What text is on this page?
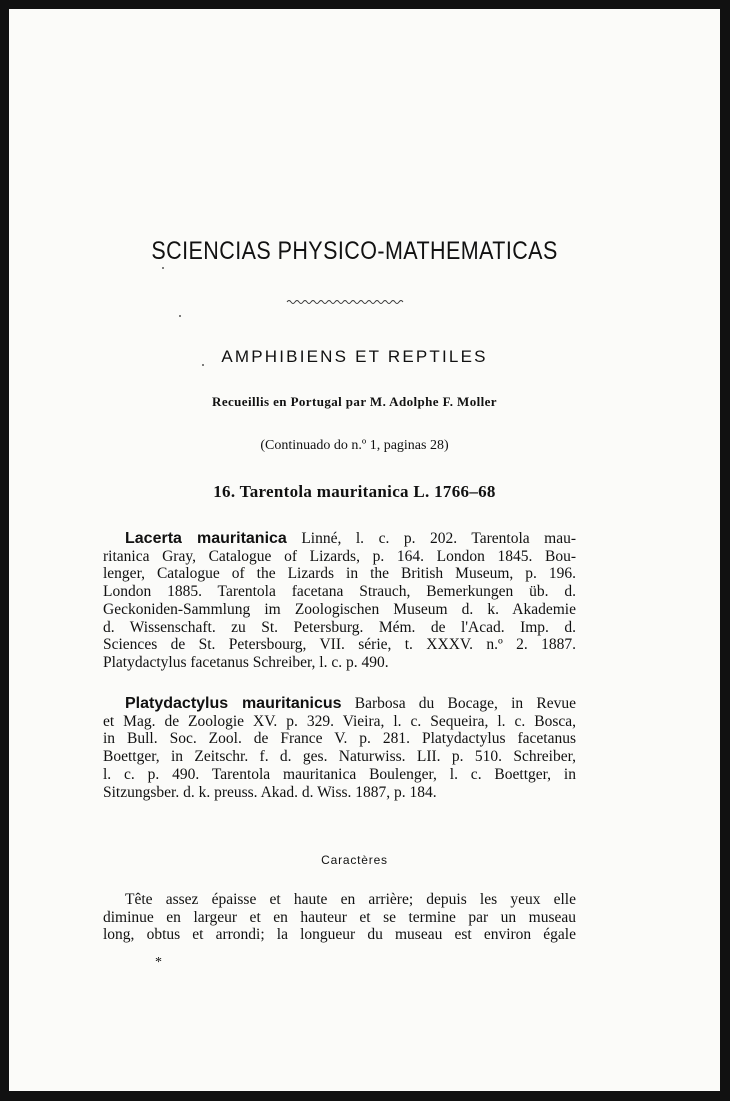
SCIENCIAS PHYSICO-MATHEMATICAS
AMPHIBIENS ET REPTILES
Recueillis en Portugal par M. Adolphe F. Moller
(Continuado do n.º 1, paginas 28)
16. Tarentola mauritanica L. 1766–68
Lacerta mauritanica Linné, l. c. p. 202. Tarentola mau-
ritanica Gray, Catalogue of Lizards, p. 164. London 1845. Bou-
lenger, Catalogue of the Lizards in the British Museum, p. 196.
London 1885. Tarentola facetana Strauch, Bemerkungen üb. d.
Geckoniden-Sammlung im Zoologischen Museum d. k. Akademie
d. Wissenschaft. zu St. Petersburg. Mém. de l'Acad. Imp. d.
Sciences de St. Petersbourg, VII. série, t. XXXV. n.º 2. 1887.
Platydactylus facetanus Schreiber, l. c. p. 490.
Platydactylus mauritanicus Barbosa du Bocage, in Revue
et Mag. de Zoologie XV. p. 329. Vieira, l. c. Sequeira, l. c. Bosca,
in Bull. Soc. Zool. de France V. p. 281. Platydactylus facetanus
Boettger, in Zeitschr. f. d. ges. Naturwiss. LII. p. 510. Schreiber,
l. c. p. 490. Tarentola mauritanica Boulenger, l. c. Boettger, in
Sitzungsber. d. k. preuss. Akad. d. Wiss. 1887, p. 184.
Caractères
Tête assez épaisse et haute en arrière; depuis les yeux elle
diminue en largeur et en hauteur et se termine par un museau
long, obtus et arrondi; la longueur du museau est environ égale
*
